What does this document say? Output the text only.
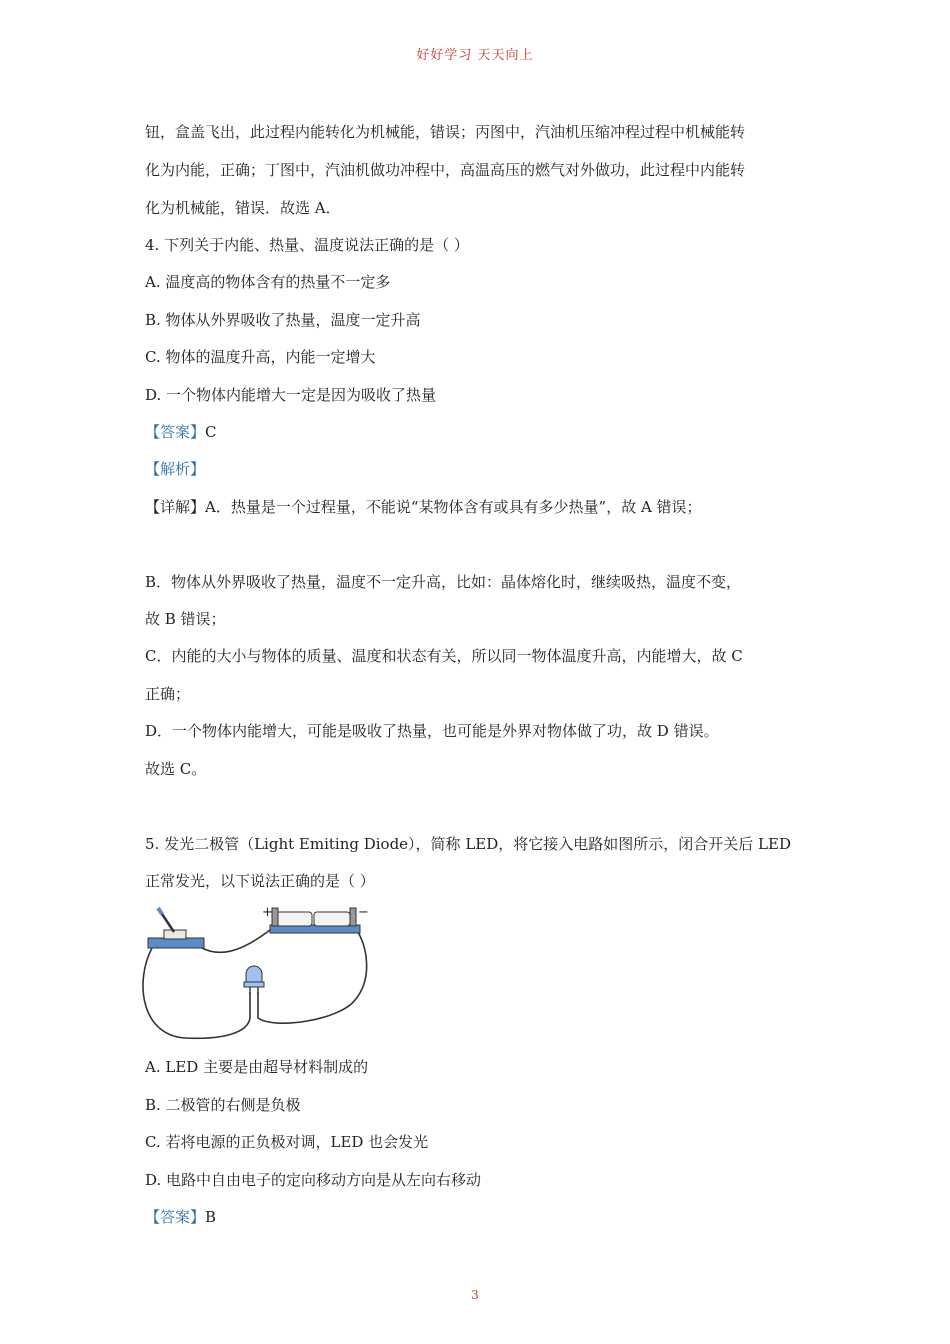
好好学习 天天向上
钮，盒盖飞出，此过程内能转化为机械能，错误；丙图中，汽油机压缩冲程过程中机械能转
化为内能，正确；丁图中，汽油机做功冲程中，高温高压的燃气对外做功，此过程中内能转
化为机械能，错误．故选 A．
4. 下列关于内能、热量、温度说法正确的是（ ）
A. 温度高的物体含有的热量不一定多
B. 物体从外界吸收了热量，温度一定升高
C. 物体的温度升高，内能一定增大
D. 一个物体内能增大一定是因为吸收了热量
【答案】C
【解析】
【详解】A．热量是一个过程量，不能说“某物体含有或具有多少热量”，故 A 错误；
B．物体从外界吸收了热量，温度不一定升高，比如：晶体熔化时，继续吸热，温度不变，
故 B 错误；
C．内能的大小与物体的质量、温度和状态有关，所以同一物体温度升高，内能增大，故 C
正确；
D．一个物体内能增大，可能是吸收了热量，也可能是外界对物体做了功，故 D 错误。
故选 C。
5. 发光二极管（Light Emiting Diode），简称 LED，将它接入电路如图所示，闭合开关后 LED
正常发光，以下说法正确的是（ ）
+	−
A. LED 主要是由超导材料制成的
B. 二极管的右侧是负极
C. 若将电源的正负极对调，LED 也会发光
D. 电路中自由电子的定向移动方向是从左向右移动
【答案】B
3
